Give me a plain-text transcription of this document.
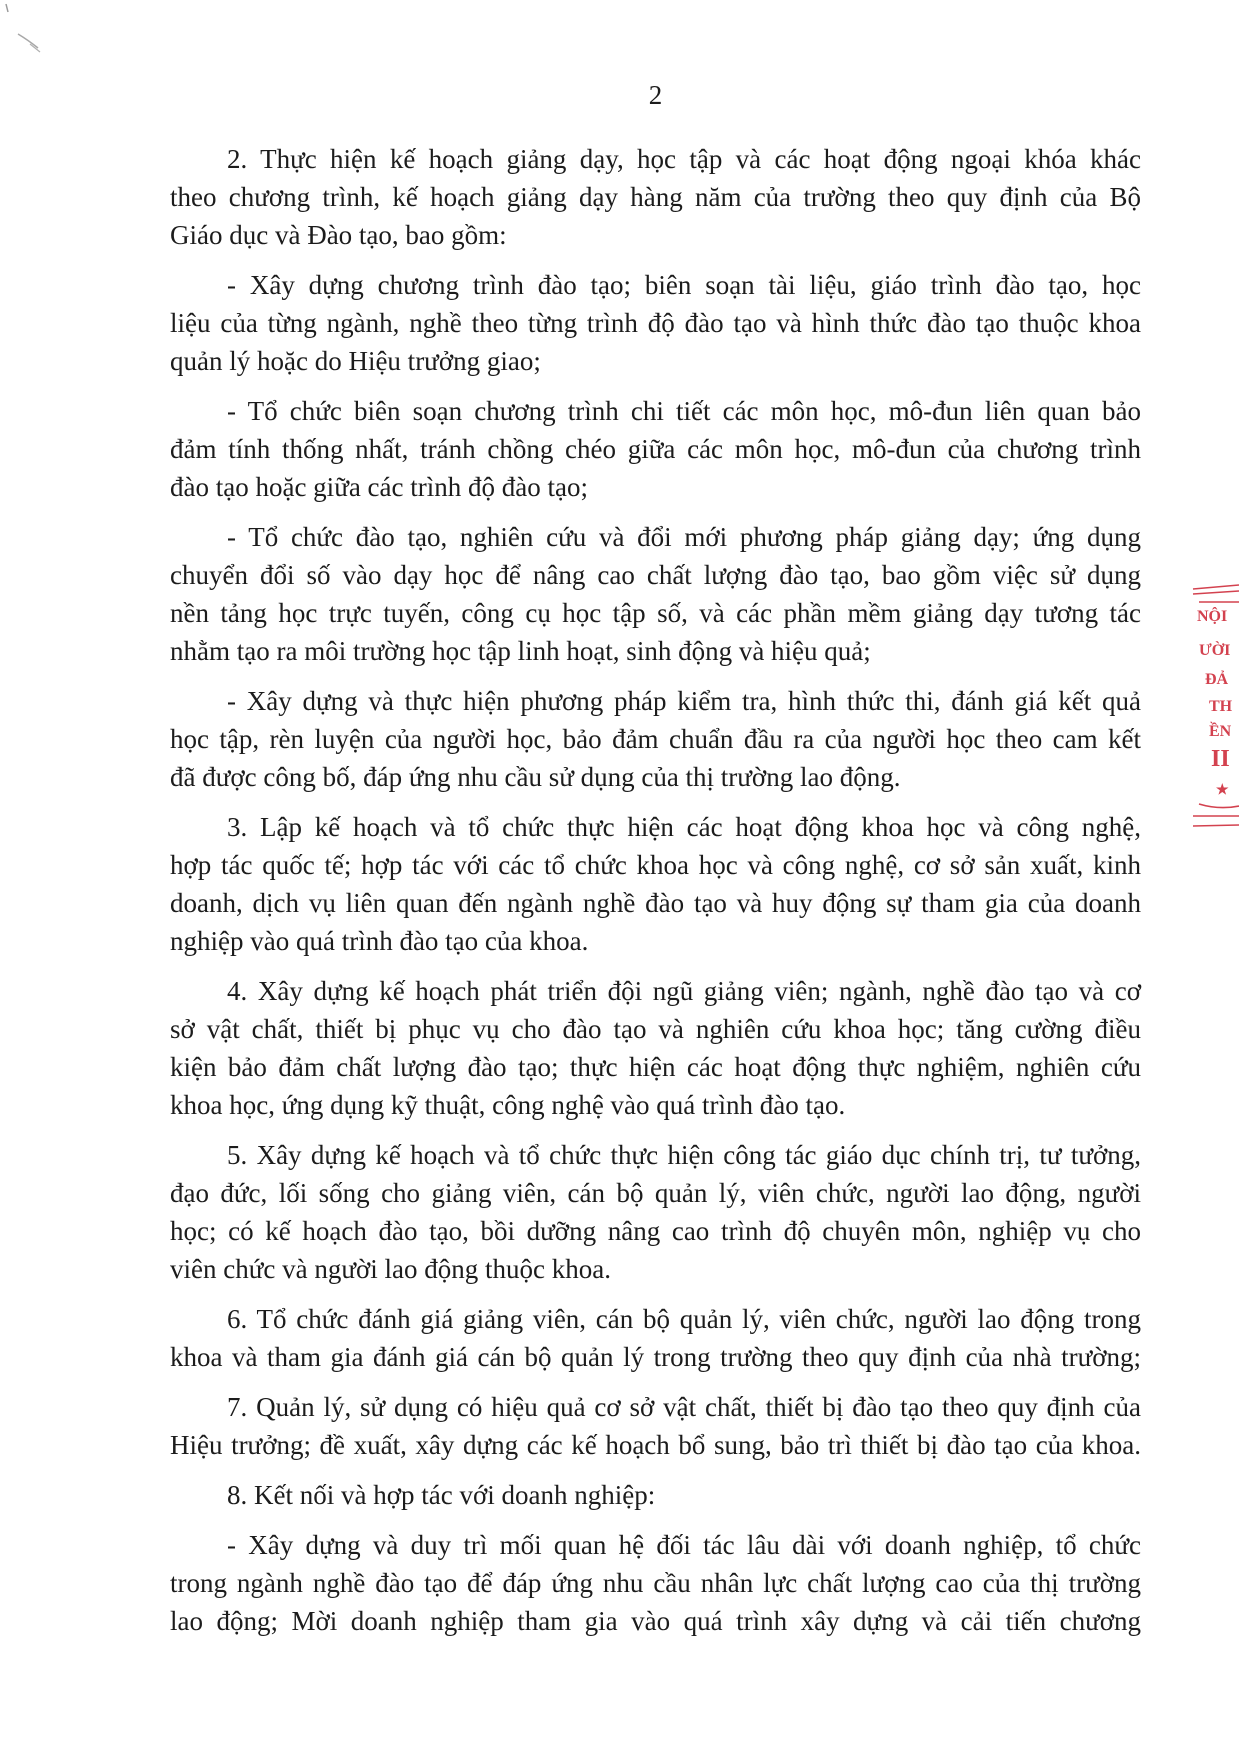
2
2. Thực hiện kế hoạch giảng dạy, học tập và các hoạt động ngoại khóa khác
theo chương trình, kế hoạch giảng dạy hàng năm của trường theo quy định của Bộ
Giáo dục và Đào tạo, bao gồm:
- Xây dựng chương trình đào tạo; biên soạn tài liệu, giáo trình đào tạo, học
liệu của từng ngành, nghề theo từng trình độ đào tạo và hình thức đào tạo thuộc khoa
quản lý hoặc do Hiệu trưởng giao;
- Tổ chức biên soạn chương trình chi tiết các môn học, mô-đun liên quan bảo
đảm tính thống nhất, tránh chồng chéo giữa các môn học, mô-đun của chương trình
đào tạo hoặc giữa các trình độ đào tạo;
- Tổ chức đào tạo, nghiên cứu và đổi mới phương pháp giảng dạy; ứng dụng
chuyển đổi số vào dạy học để nâng cao chất lượng đào tạo, bao gồm việc sử dụng
nền tảng học trực tuyến, công cụ học tập số, và các phần mềm giảng dạy tương tác
nhằm tạo ra môi trường học tập linh hoạt, sinh động và hiệu quả;
- Xây dựng và thực hiện phương pháp kiểm tra, hình thức thi, đánh giá kết quả
học tập, rèn luyện của người học, bảo đảm chuẩn đầu ra của người học theo cam kết
đã được công bố, đáp ứng nhu cầu sử dụng của thị trường lao động.
3. Lập kế hoạch và tổ chức thực hiện các hoạt động khoa học và công nghệ,
hợp tác quốc tế; hợp tác với các tổ chức khoa học và công nghệ, cơ sở sản xuất, kinh
doanh, dịch vụ liên quan đến ngành nghề đào tạo và huy động sự tham gia của doanh
nghiệp vào quá trình đào tạo của khoa.
4. Xây dựng kế hoạch phát triển đội ngũ giảng viên; ngành, nghề đào tạo và cơ
sở vật chất, thiết bị phục vụ cho đào tạo và nghiên cứu khoa học; tăng cường điều
kiện bảo đảm chất lượng đào tạo; thực hiện các hoạt động thực nghiệm, nghiên cứu
khoa học, ứng dụng kỹ thuật, công nghệ vào quá trình đào tạo.
5. Xây dựng kế hoạch và tổ chức thực hiện công tác giáo dục chính trị, tư tưởng,
đạo đức, lối sống cho giảng viên, cán bộ quản lý, viên chức, người lao động, người
học; có kế hoạch đào tạo, bồi dưỡng nâng cao trình độ chuyên môn, nghiệp vụ cho
viên chức và người lao động thuộc khoa.
6. Tổ chức đánh giá giảng viên, cán bộ quản lý, viên chức, người lao động trong
khoa và tham gia đánh giá cán bộ quản lý trong trường theo quy định của nhà trường;
7. Quản lý, sử dụng có hiệu quả cơ sở vật chất, thiết bị đào tạo theo quy định của
Hiệu trưởng; đề xuất, xây dựng các kế hoạch bổ sung, bảo trì thiết bị đào tạo của khoa.
8. Kết nối và hợp tác với doanh nghiệp:
- Xây dựng và duy trì mối quan hệ đối tác lâu dài với doanh nghiệp, tổ chức
trong ngành nghề đào tạo để đáp ứng nhu cầu nhân lực chất lượng cao của thị trường
lao động; Mời doanh nghiệp tham gia vào quá trình xây dựng và cải tiến chương
NỘI
ƯỜI
ĐẢ
TH
ỀN
II
★
